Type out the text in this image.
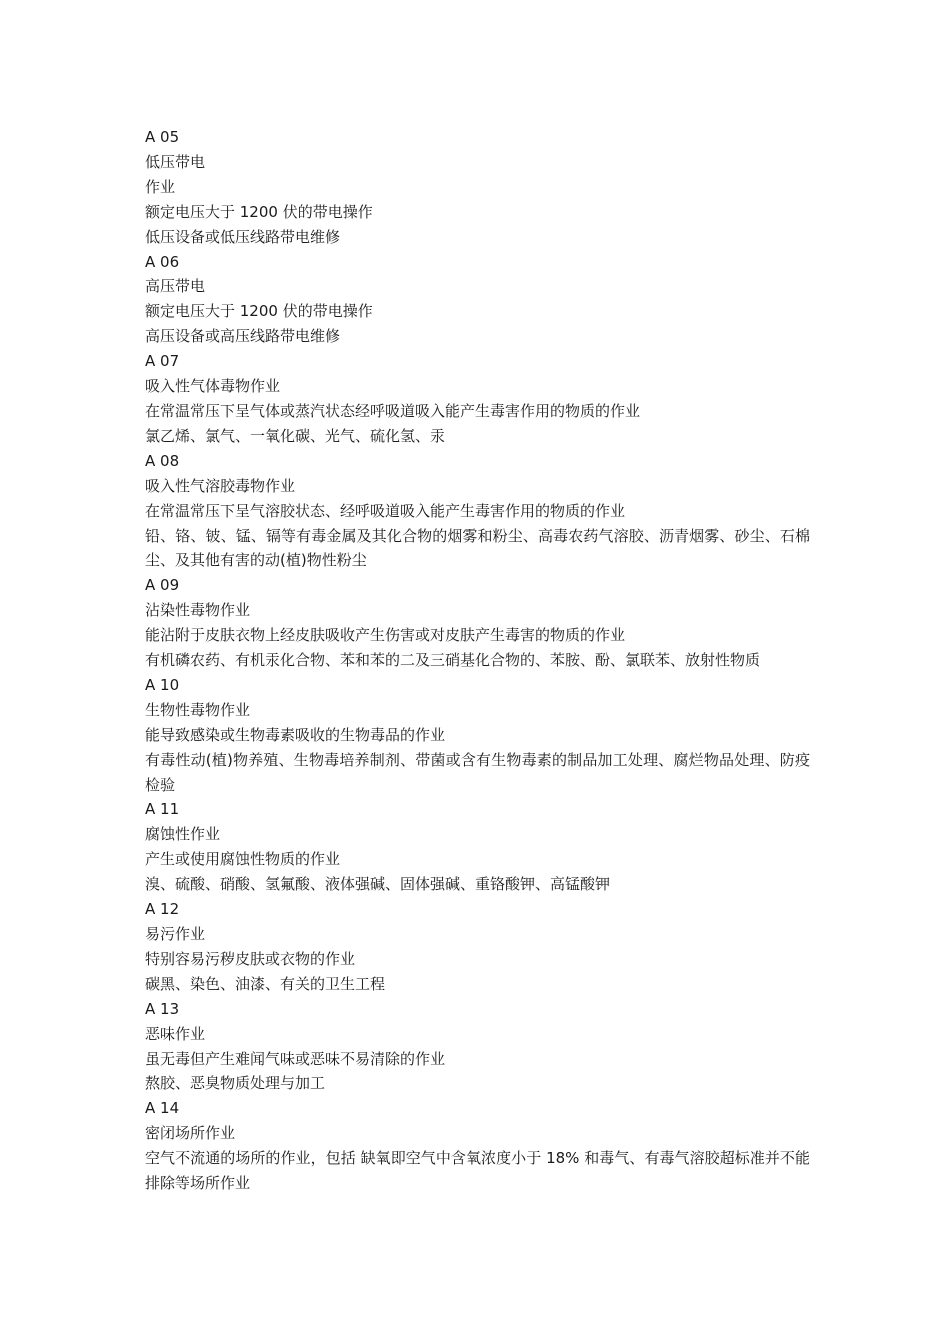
A 05

低压带电

作业

额定电压大于 1200 伏的带电操作

低压设备或低压线路带电维修

A 06

高压带电

额定电压大于 1200 伏的带电操作

高压设备或高压线路带电维修

A 07

吸入性气体毒物作业

在常温常压下呈气体或蒸汽状态经呼吸道吸入能产生毒害作用的物质的作业

氯乙烯、氯气、一氧化碳、光气、硫化氢、汞

A 08

吸入性气溶胶毒物作业

在常温常压下呈气溶胶状态、经呼吸道吸入能产生毒害作用的物质的作业

铅、铬、铍、锰、镉等有毒金属及其化合物的烟雾和粉尘、高毒农药气溶胶、沥青烟雾、砂尘、石棉尘、及其他有害的动(植)物性粉尘

A 09

沾染性毒物作业

能沾附于皮肤衣物上经皮肤吸收产生伤害或对皮肤产生毒害的物质的作业

有机磷农药、有机汞化合物、苯和苯的二及三硝基化合物的、苯胺、酚、氯联苯、放射性物质

A 10

生物性毒物作业

能导致感染或生物毒素吸收的生物毒品的作业

有毒性动(植)物养殖、生物毒培养制剂、带菌或含有生物毒素的制品加工处理、腐烂物品处理、防疫检验

A 11

腐蚀性作业

产生或使用腐蚀性物质的作业

溴、硫酸、硝酸、氢氟酸、液体强碱、固体强碱、重铬酸钾、高锰酸钾

A 12

易污作业

特别容易污秽皮肤或衣物的作业

碳黑、染色、油漆、有关的卫生工程

A 13

恶味作业

虽无毒但产生难闻气味或恶味不易清除的作业

熬胶、恶臭物质处理与加工

A 14

密闭场所作业

空气不流通的场所的作业，包括 缺氧即空气中含氧浓度小于 18% 和毒气、有毒气溶胶超标准并不能排除等场所作业
